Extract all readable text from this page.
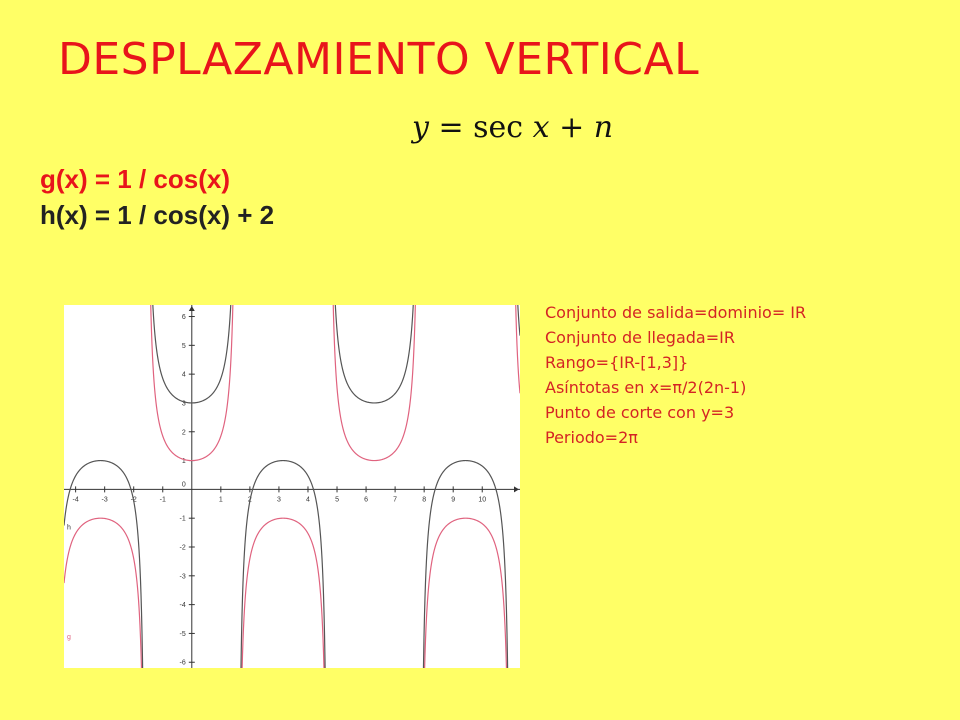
DESPLAZAMIENTO VERTICAL
y = sec x + n
g(x) = 1 / cos(x)
h(x) = 1 / cos(x) + 2
-4	-3	-2	-1	1	2	3	4	5	6	7	8	9	10
-6
-5
-4
-3
-2
-1
0
1
2
3
4
5
6
h
g
Conjunto de salida=dominio= IR
Conjunto de llegada=IR
Rango={IR-[1,3]}
Asíntotas en x=π/2(2n-1)
Punto de corte con y=3
Periodo=2π
